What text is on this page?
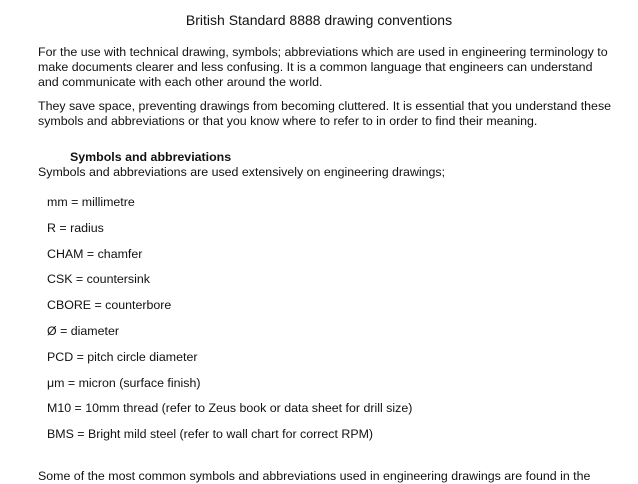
British Standard 8888 drawing conventions

For the use with technical drawing, symbols; abbreviations which are used in engineering terminology to make documents clearer and less confusing. It is a common language that engineers can understand and communicate with each other around the world.

They save space, preventing drawings from becoming cluttered. It is essential that you understand these symbols and abbreviations or that you know where to refer to in order to find their meaning.

Symbols and abbreviations

Symbols and abbreviations are used extensively on engineering drawings;

mm = millimetre
R = radius
CHAM = chamfer
CSK = countersink
CBORE = counterbore
Ø = diameter
PCD = pitch circle diameter
μm = micron (surface finish)
M10 = 10mm thread (refer to Zeus book or data sheet for drill size)
BMS = Bright mild steel (refer to wall chart for correct RPM)

Some of the most common symbols and abbreviations used in engineering drawings are found in the
